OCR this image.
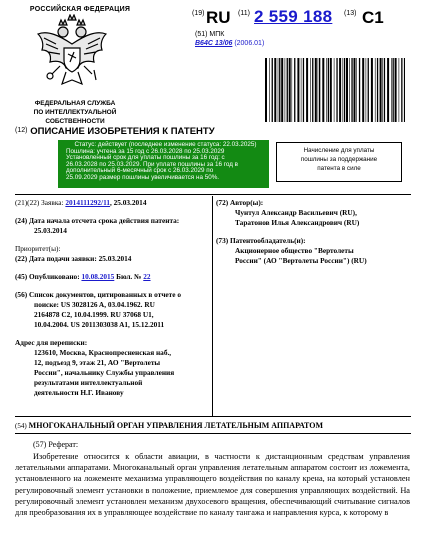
РОССИЙСКАЯ ФЕДЕРАЦИЯ
ФЕДЕРАЛЬНАЯ СЛУЖБА
ПО ИНТЕЛЛЕКТУАЛЬНОЙ СОБСТВЕННОСТИ
(19) RU (11) 2 559 188 (13) C1
(51) МПК
B64C 13/06 (2006.01)
$^{(12)}$ ОПИСАНИЕ ИЗОБРЕТЕНИЯ К ПАТЕНТУ

Статус: действует (последнее изменение статуса: 22.03.2025)

Пошлина: учтена за 15 год с 26.03.2028 по 25.03.2029

Установленный срок для уплаты пошлины за 16 год: с

26.03.2028 по 25.03.2029. При уплате пошлины за 16 год в

дополнительный 6-месячный срок с 26.03.2029 по

25.09.2029 размер пошлины увеличивается на 50%.

Начисление для уплаты
пошлины за поддержание
патента в силе
(21)(22) Заявка: 2014111292/11, 25.03.2014
(24) Дата начала отсчета срока действия патента:
25.03.2014
Приоритет(ы):
(22) Дата подачи заявки: 25.03.2014
(45) Опубликовано: 10.08.2015 Бюл. № 22
(56) Список документов, цитированных в отчете о
поиске: US 3028126 A, 03.04.1962. RU
2164878 C2, 10.04.1999. RU 37068 U1,
10.04.2004. US 2011303038 A1, 15.12.2011
Адрес для переписки:
123610, Москва, Краснопресненская наб.,
12, подъезд 9, этаж 21, АО "Вертолеты
России", начальнику Службы управления
результатами интеллектуальной
деятельности Н.Г. Иванову
(72) Автор(ы):
Чунтул Александр Васильевич (RU),
Таратонов Илья Александрович (RU)
(73) Патентообладатель(и):
Акционерное общество "Вертолеты
России" (АО "Вертолеты России") (RU)
(54) МНОГОКАНАЛЬНЫЙ ОРГАН УПРАВЛЕНИЯ ЛЕТАТЕЛЬНЫМ АППАРАТОМ
(57) Реферат:
Изобретение относится к области авиации, в частности к дистанционным средствам управления летательными аппаратами. Многоканальный орган управления летательным аппаратом состоит из ложемента, установленного на ложементе механизма управляющего воздействия по каналу крена, на который установлен регулировочный элемент установки в положение, приемлемое для совершения управляющих воздействий. На регулировочный элемент установлен механизм двухосевого вращения, обеспечивающий считывание сигналов для преобразования их в управляющее воздействие по каналу тангажа и направления курса, к которому в
